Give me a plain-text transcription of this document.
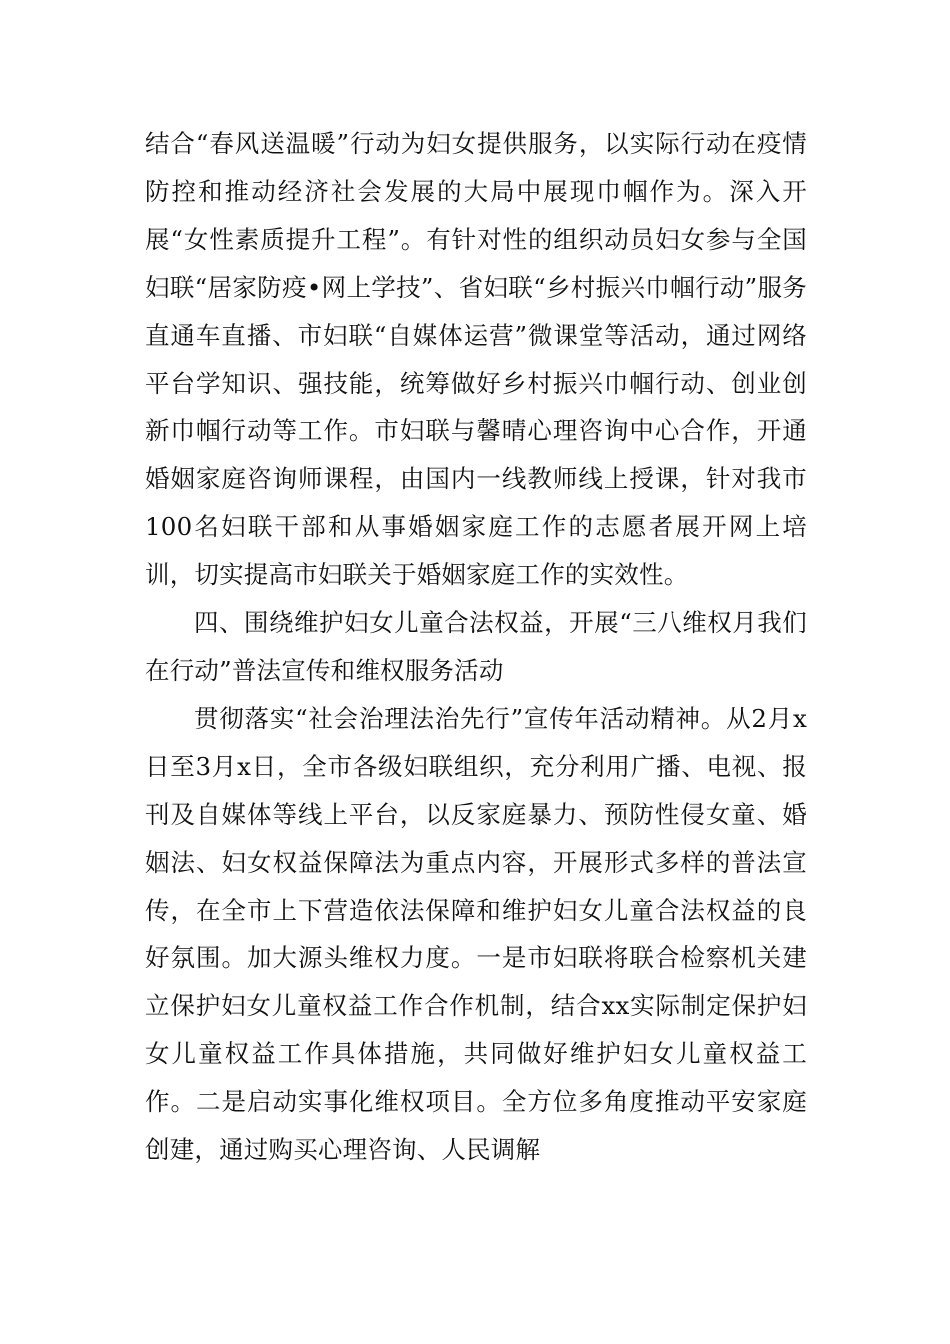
结合“春风送温暖”行动为妇女提供服务，以实际行动在疫情防控和推动经济社会发展的大局中展现巾帼作为。深入开展“女性素质提升工程”。有针对性的组织动员妇女参与全国妇联“居家防疫•网上学技”、省妇联“乡村振兴巾帼行动”服务直通车直播、市妇联“自媒体运营”微课堂等活动，通过网络平台学知识、强技能，统筹做好乡村振兴巾帼行动、创业创新巾帼行动等工作。市妇联与馨晴心理咨询中心合作，开通婚姻家庭咨询师课程，由国内一线教师线上授课，针对我市100名妇联干部和从事婚姻家庭工作的志愿者展开网上培训，切实提高市妇联关于婚姻家庭工作的实效性。

四、围绕维护妇女儿童合法权益，开展“三八维权月我们在行动”普法宣传和维权服务活动

贯彻落实“社会治理法治先行”宣传年活动精神。从2月x日至3月x日，全市各级妇联组织，充分利用广播、电视、报刊及自媒体等线上平台，以反家庭暴力、预防性侵女童、婚姻法、妇女权益保障法为重点内容，开展形式多样的普法宣传，在全市上下营造依法保障和维护妇女儿童合法权益的良好氛围。加大源头维权力度。一是市妇联将联合检察机关建立保护妇女儿童权益工作合作机制，结合xx实际制定保护妇女儿童权益工作具体措施，共同做好维护妇女儿童权益工作。二是启动实事化维权项目。全方位多角度推动平安家庭创建，通过购买心理咨询、人民调解
